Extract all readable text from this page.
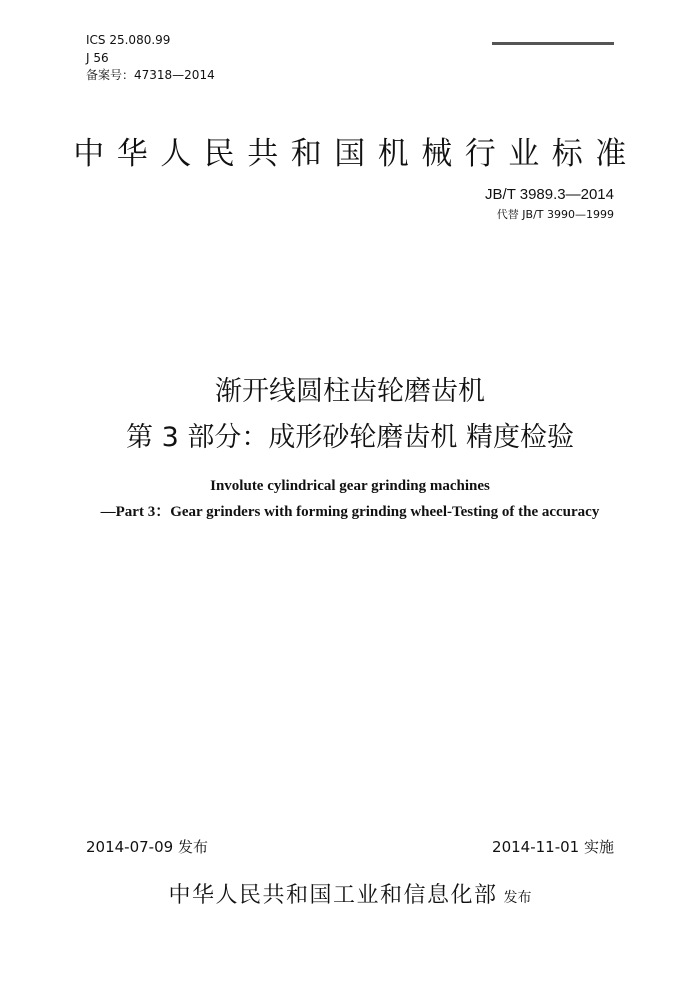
ICS 25.080.99
J 56
备案号：47318—2014
中华人民共和国机械行业标准
JB/T 3989.3—2014
代替 JB/T 3990—1999
渐开线圆柱齿轮磨齿机
第 3 部分：成形砂轮磨齿机 精度检验
Involute cylindrical gear grinding machines
—Part 3：Gear grinders with forming grinding wheel-Testing of the accuracy
2014-07-09 发布	2014-11-01 实施
中华人民共和国工业和信息化部 发布
